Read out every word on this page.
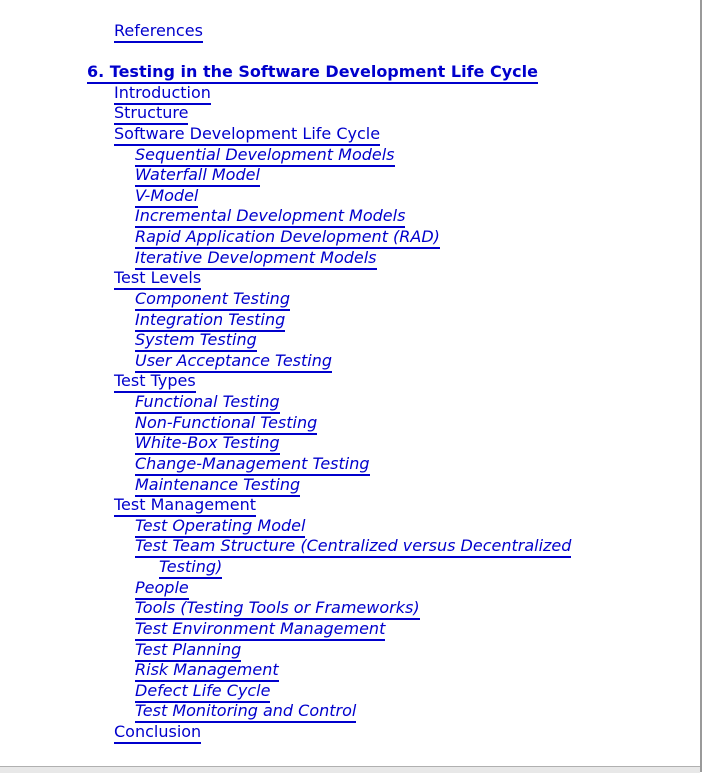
References
6. Testing in the Software Development Life Cycle
Introduction
Structure
Software Development Life Cycle
Sequential Development Models
Waterfall Model
V-Model
Incremental Development Models
Rapid Application Development (RAD)
Iterative Development Models
Test Levels
Component Testing
Integration Testing
System Testing
User Acceptance Testing
Test Types
Functional Testing
Non-Functional Testing
White-Box Testing
Change-Management Testing
Maintenance Testing
Test Management
Test Operating Model
Test Team Structure (Centralized versus Decentralized
Testing)
People
Tools (Testing Tools or Frameworks)
Test Environment Management
Test Planning
Risk Management
Defect Life Cycle
Test Monitoring and Control
Conclusion
